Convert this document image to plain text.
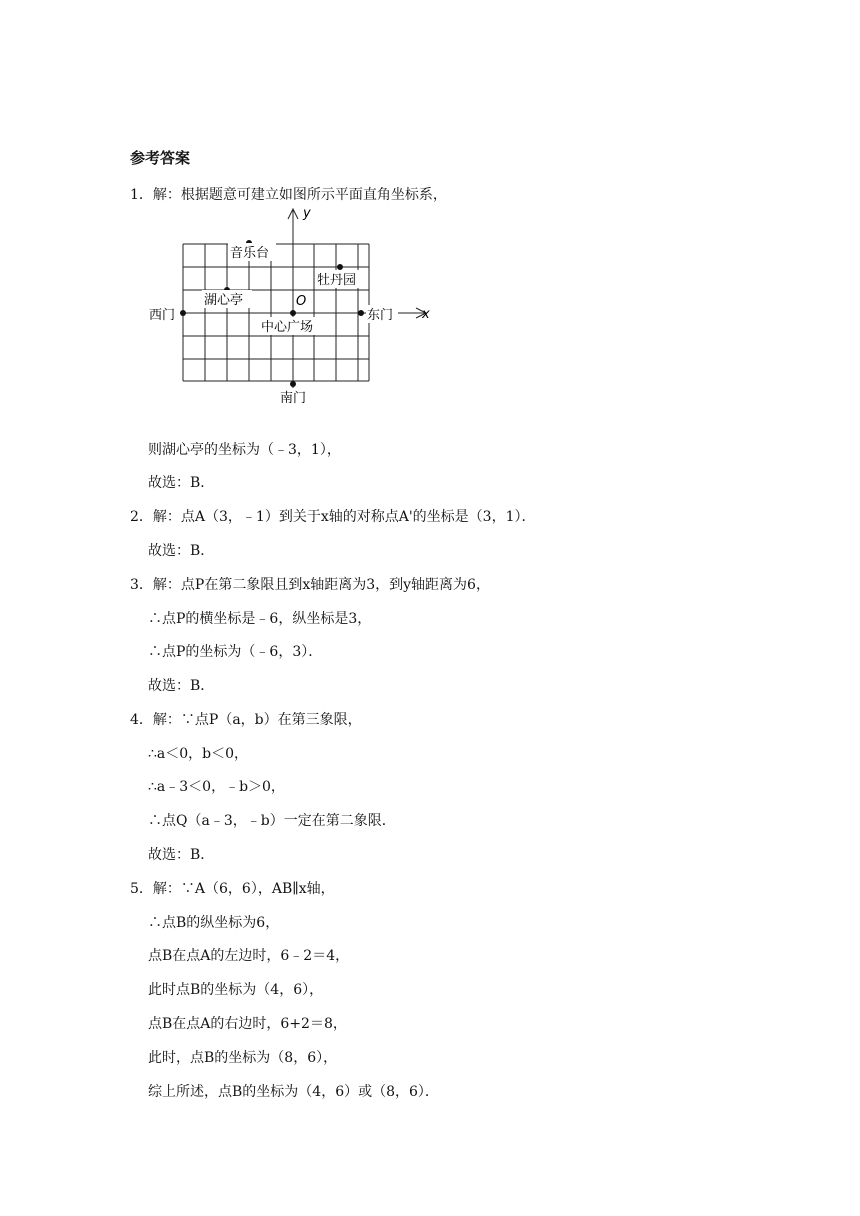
参考答案
1．解：根据题意可建立如图所示平面直角坐标系，
y
x
O
音乐台
牡丹园
湖心亭
西门	东门
中心广场
南门
则湖心亭的坐标为（﹣3，1），
故选：B．
2．解：点A（3，﹣1）到关于x轴的对称点A'的坐标是（3，1）．
故选：B．
3．解：点P在第二象限且到x轴距离为3，到y轴距离为6，
∴点P的横坐标是﹣6，纵坐标是3，
∴点P的坐标为（﹣6，3）．
故选：B．
4．解：∵点P（a，b）在第三象限，
∴a＜0，b＜0，
∴a﹣3＜0，﹣b＞0，
∴点Q（a﹣3，﹣b）一定在第二象限．
故选：B．
5．解：∵A（6，6），AB∥x轴，
∴点B的纵坐标为6，
点B在点A的左边时，6﹣2＝4，
此时点B的坐标为（4，6），
点B在点A的右边时，6+2＝8，
此时，点B的坐标为（8，6），
综上所述，点B的坐标为（4，6）或（8，6）．
